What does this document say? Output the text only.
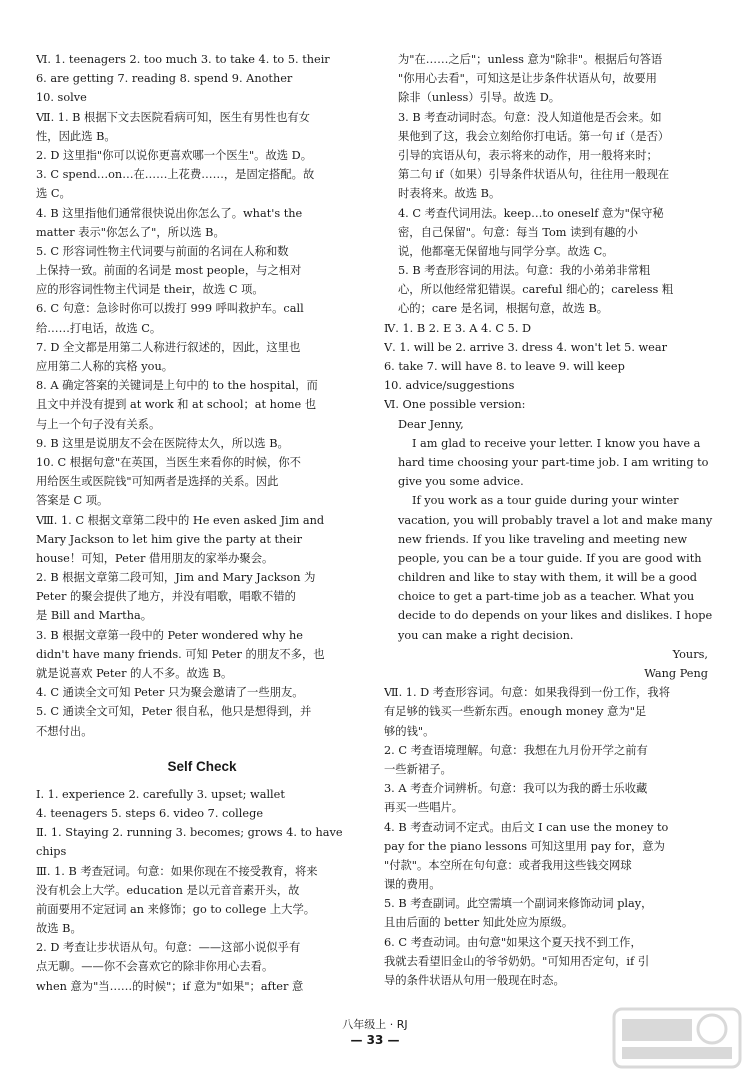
Ⅵ. 1. teenagers 2. too much 3. to take 4. to 5. their
6. are getting 7. reading 8. spend 9. Another
10. solve
Ⅶ. 1. B 根据下文去医院看病可知，医生有男性也有女
性，因此选 B。
2. D 这里指"你可以说你更喜欢哪一个医生"。故选 D。
3. C spend…on…在……上花费……，是固定搭配。故
选 C。
4. B 这里指他们通常很快说出你怎么了。what's the
matter 表示"你怎么了"，所以选 B。
5. C 形容词性物主代词要与前面的名词在人称和数
上保持一致。前面的名词是 most people，与之相对
应的形容词性物主代词是 their，故选 C 项。
6. C 句意：急诊时你可以拨打 999 呼叫救护车。call
给……打电话，故选 C。
7. D 全文都是用第二人称进行叙述的，因此，这里也
应用第二人称的宾格 you。
8. A 确定答案的关键词是上句中的 to the hospital，而
且文中并没有提到 at work 和 at school；at home 也
与上一个句子没有关系。
9. B 这里是说朋友不会在医院待太久，所以选 B。
10. C 根据句意"在英国，当医生来看你的时候，你不
用给医生或医院钱"可知两者是选择的关系。因此
答案是 C 项。
Ⅷ. 1. C 根据文章第二段中的 He even asked Jim and
Mary Jackson to let him give the party at their
house！可知，Peter 借用朋友的家举办聚会。
2. B 根据文章第二段可知，Jim and Mary Jackson 为
Peter 的聚会提供了地方，并没有唱歌，唱歌不错的
是 Bill and Martha。
3. B 根据文章第一段中的 Peter wondered why he
didn't have many friends. 可知 Peter 的朋友不多，也
就是说喜欢 Peter 的人不多。故选 B。
4. C 通读全文可知 Peter 只为聚会邀请了一些朋友。
5. C 通读全文可知，Peter 很自私，他只是想得到，并
不想付出。
Self Check
Ⅰ. 1. experience 2. carefully 3. upset; wallet
4. teenagers 5. steps 6. video 7. college
Ⅱ. 1. Staying 2. running 3. becomes; grows 4. to have
chips
Ⅲ. 1. B 考查冠词。句意：如果你现在不接受教育，将来
没有机会上大学。education 是以元音音素开头，故
前面要用不定冠词 an 来修饰；go to college 上大学。
故选 B。
2. D 考查让步状语从句。句意：——这部小说似乎有
点无聊。——你不会喜欢它的除非你用心去看。
when 意为"当……的时候"；if 意为"如果"；after 意
为"在……之后"；unless 意为"除非"。根据后句答语
"你用心去看"，可知这是让步条件状语从句，故要用
除非（unless）引导。故选 D。
3. B 考查动词时态。句意：没人知道他是否会来。如
果他到了这，我会立刻给你打电话。第一句 if（是否）
引导的宾语从句，表示将来的动作，用一般将来时；
第二句 if（如果）引导条件状语从句，往往用一般现在
时表将来。故选 B。
4. C 考查代词用法。keep…to oneself 意为"保守秘
密，自己保留"。句意：每当 Tom 读到有趣的小
说，他都毫无保留地与同学分享。故选 C。
5. B 考查形容词的用法。句意：我的小弟弟非常粗
心，所以他经常犯错误。careful 细心的；careless 粗
心的；care 是名词，根据句意，故选 B。
Ⅳ. 1. B 2. E 3. A 4. C 5. D
Ⅴ. 1. will be 2. arrive 3. dress 4. won't let 5. wear
6. take 7. will have 8. to leave 9. will keep
10. advice/suggestions
Ⅵ. One possible version:
Dear Jenny,
I am glad to receive your letter. I know you have a
hard time choosing your part-time job. I am writing to
give you some advice.
If you work as a tour guide during your winter
vacation, you will probably travel a lot and make many
new friends. If you like traveling and meeting new
people, you can be a tour guide. If you are good with
children and like to stay with them, it will be a good
choice to get a part-time job as a teacher. What you
decide to do depends on your likes and dislikes. I hope
you can make a right decision.
Yours,
Wang Peng
Ⅶ. 1. D 考查形容词。句意：如果我得到一份工作，我将
有足够的钱买一些新东西。enough money 意为"足
够的钱"。
2. C 考查语境理解。句意：我想在九月份开学之前有
一些新裙子。
3. A 考查介词辨析。句意：我可以为我的爵士乐收藏
再买一些唱片。
4. B 考查动词不定式。由后文 I can use the money to
pay for the piano lessons 可知这里用 pay for，意为
"付款"。本空所在句句意：或者我用这些钱交网球
课的费用。
5. B 考查副词。此空需填一个副词来修饰动词 play，
且由后面的 better 知此处应为原级。
6. C 考查动词。由句意"如果这个夏天找不到工作，
我就去看望旧金山的爷爷奶奶。"可知用否定句，if 引
导的条件状语从句用一般现在时态。
八年级上 · RJ
— 33 —
